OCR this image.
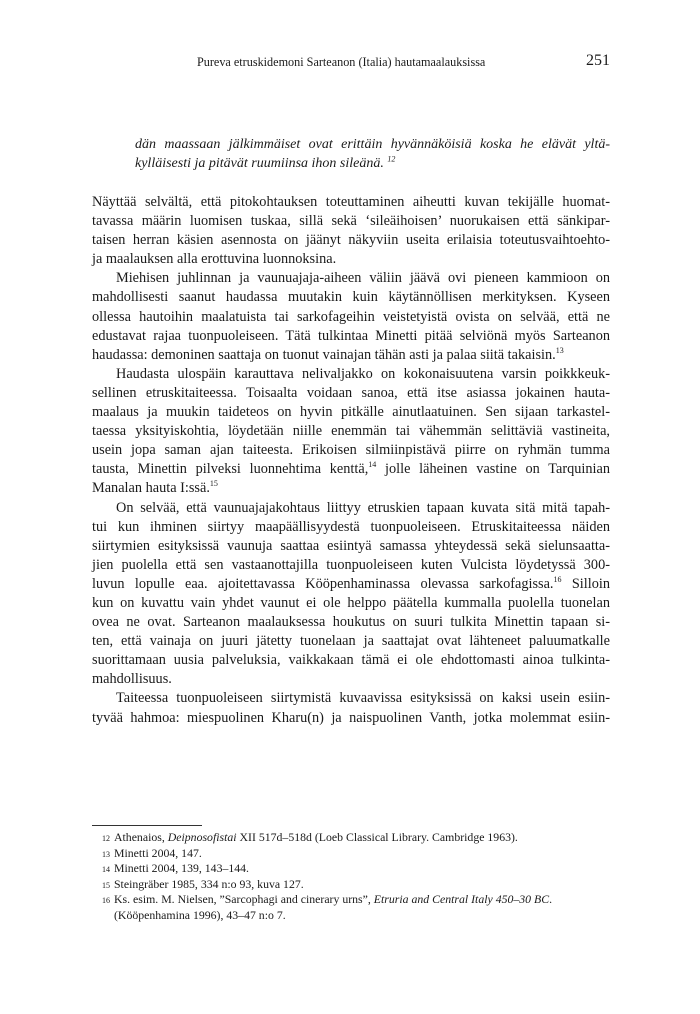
Pureva etruskidemoni Sarteanon (Italia) hautamaalauksissa	251
dän maassaan jälkimmäiset ovat erittäin hyvännäköisiä koska he elävät yltä-
kylläisesti ja pitävät ruumiinsa ihon sileänä. $^{12}$
Näyttää selvältä, että pitokohtauksen toteuttaminen aiheutti kuvan tekijälle huomat-
tavassa määrin luomisen tuskaa, sillä sekä ‘sileäihoisen’ nuorukaisen että sänkipar-
taisen herran käsien asennosta on jäänyt näkyviin useita erilaisia toteutusvaihtoehto-
ja maalauksen alla erottuvina luonnoksina.
Miehisen juhlinnan ja vaunuajaja-aiheen väliin jäävä ovi pieneen kammioon on
mahdollisesti saanut haudassa muutakin kuin käytännöllisen merkityksen. Kyseen
ollessa hautoihin maalatuista tai sarkofageihin veistetyistä ovista on selvää, että ne
edustavat rajaa tuonpuoleiseen. Tätä tulkintaa Minetti pitää selviönä myös Sarteanon
haudassa: demoninen saattaja on tuonut vainajan tähän asti ja palaa siitä takaisin.$^{13}$
Haudasta ulospäin karauttava nelivaljakko on kokonaisuutena varsin poikkkeuk-
sellinen etruskitaiteessa. Toisaalta voidaan sanoa, että itse asiassa jokainen hauta-
maalaus ja muukin taideteos on hyvin pitkälle ainutlaatuinen. Sen sijaan tarkastel-
taessa yksityiskohtia, löydetään niille enemmän tai vähemmän selittäviä vastineita,
usein jopa saman ajan taiteesta. Erikoisen silmiinpistävä piirre on ryhmän tumma
tausta, Minettin pilveksi luonnehtima kenttä,$^{14}$ jolle läheinen vastine on Tarquinian
Manalan hauta I:ssä.$^{15}$
On selvää, että vaunuajajakohtaus liittyy etruskien tapaan kuvata sitä mitä tapah-
tui kun ihminen siirtyy maapäällisyydestä tuonpuoleiseen. Etruskitaiteessa näiden
siirtymien esityksissä vaunuja saattaa esiintyä samassa yhteydessä sekä sielunsaatta-
jien puolella että sen vastaanottajilla tuonpuoleiseen kuten Vulcista löydetyssä 300-
luvun lopulle eaa. ajoitettavassa Kööpenhaminassa olevassa sarkofagissa.$^{16}$ Silloin
kun on kuvattu vain yhdet vaunut ei ole helppo päätella kummalla puolella tuonelan
ovea ne ovat. Sarteanon maalauksessa houkutus on suuri tulkita Minettin tapaan si-
ten, että vainaja on juuri jätetty tuonelaan ja saattajat ovat lähteneet paluumatkalle
suorittamaan uusia palveluksia, vaikkakaan tämä ei ole ehdottomasti ainoa tulkinta-
mahdollisuus.
Taiteessa tuonpuoleiseen siirtymistä kuvaavissa esityksissä on kaksi usein esiin-
tyvää hahmoa: miespuolinen Kharu(n) ja naispuolinen Vanth, jotka molemmat esiin-
12 Athenaios, Deipnosofistai XII 517d–518d (Loeb Classical Library. Cambridge 1963).
13 Minetti 2004, 147.
14 Minetti 2004, 139, 143–144.
15 Steingräber 1985, 334 n:o 93, kuva 127.
16 Ks. esim. M. Nielsen, ”Sarcophagi and cinerary urns”, Etruria and Central Italy 450–30 BC.
(Kööpenhamina 1996), 43–47 n:o 7.
